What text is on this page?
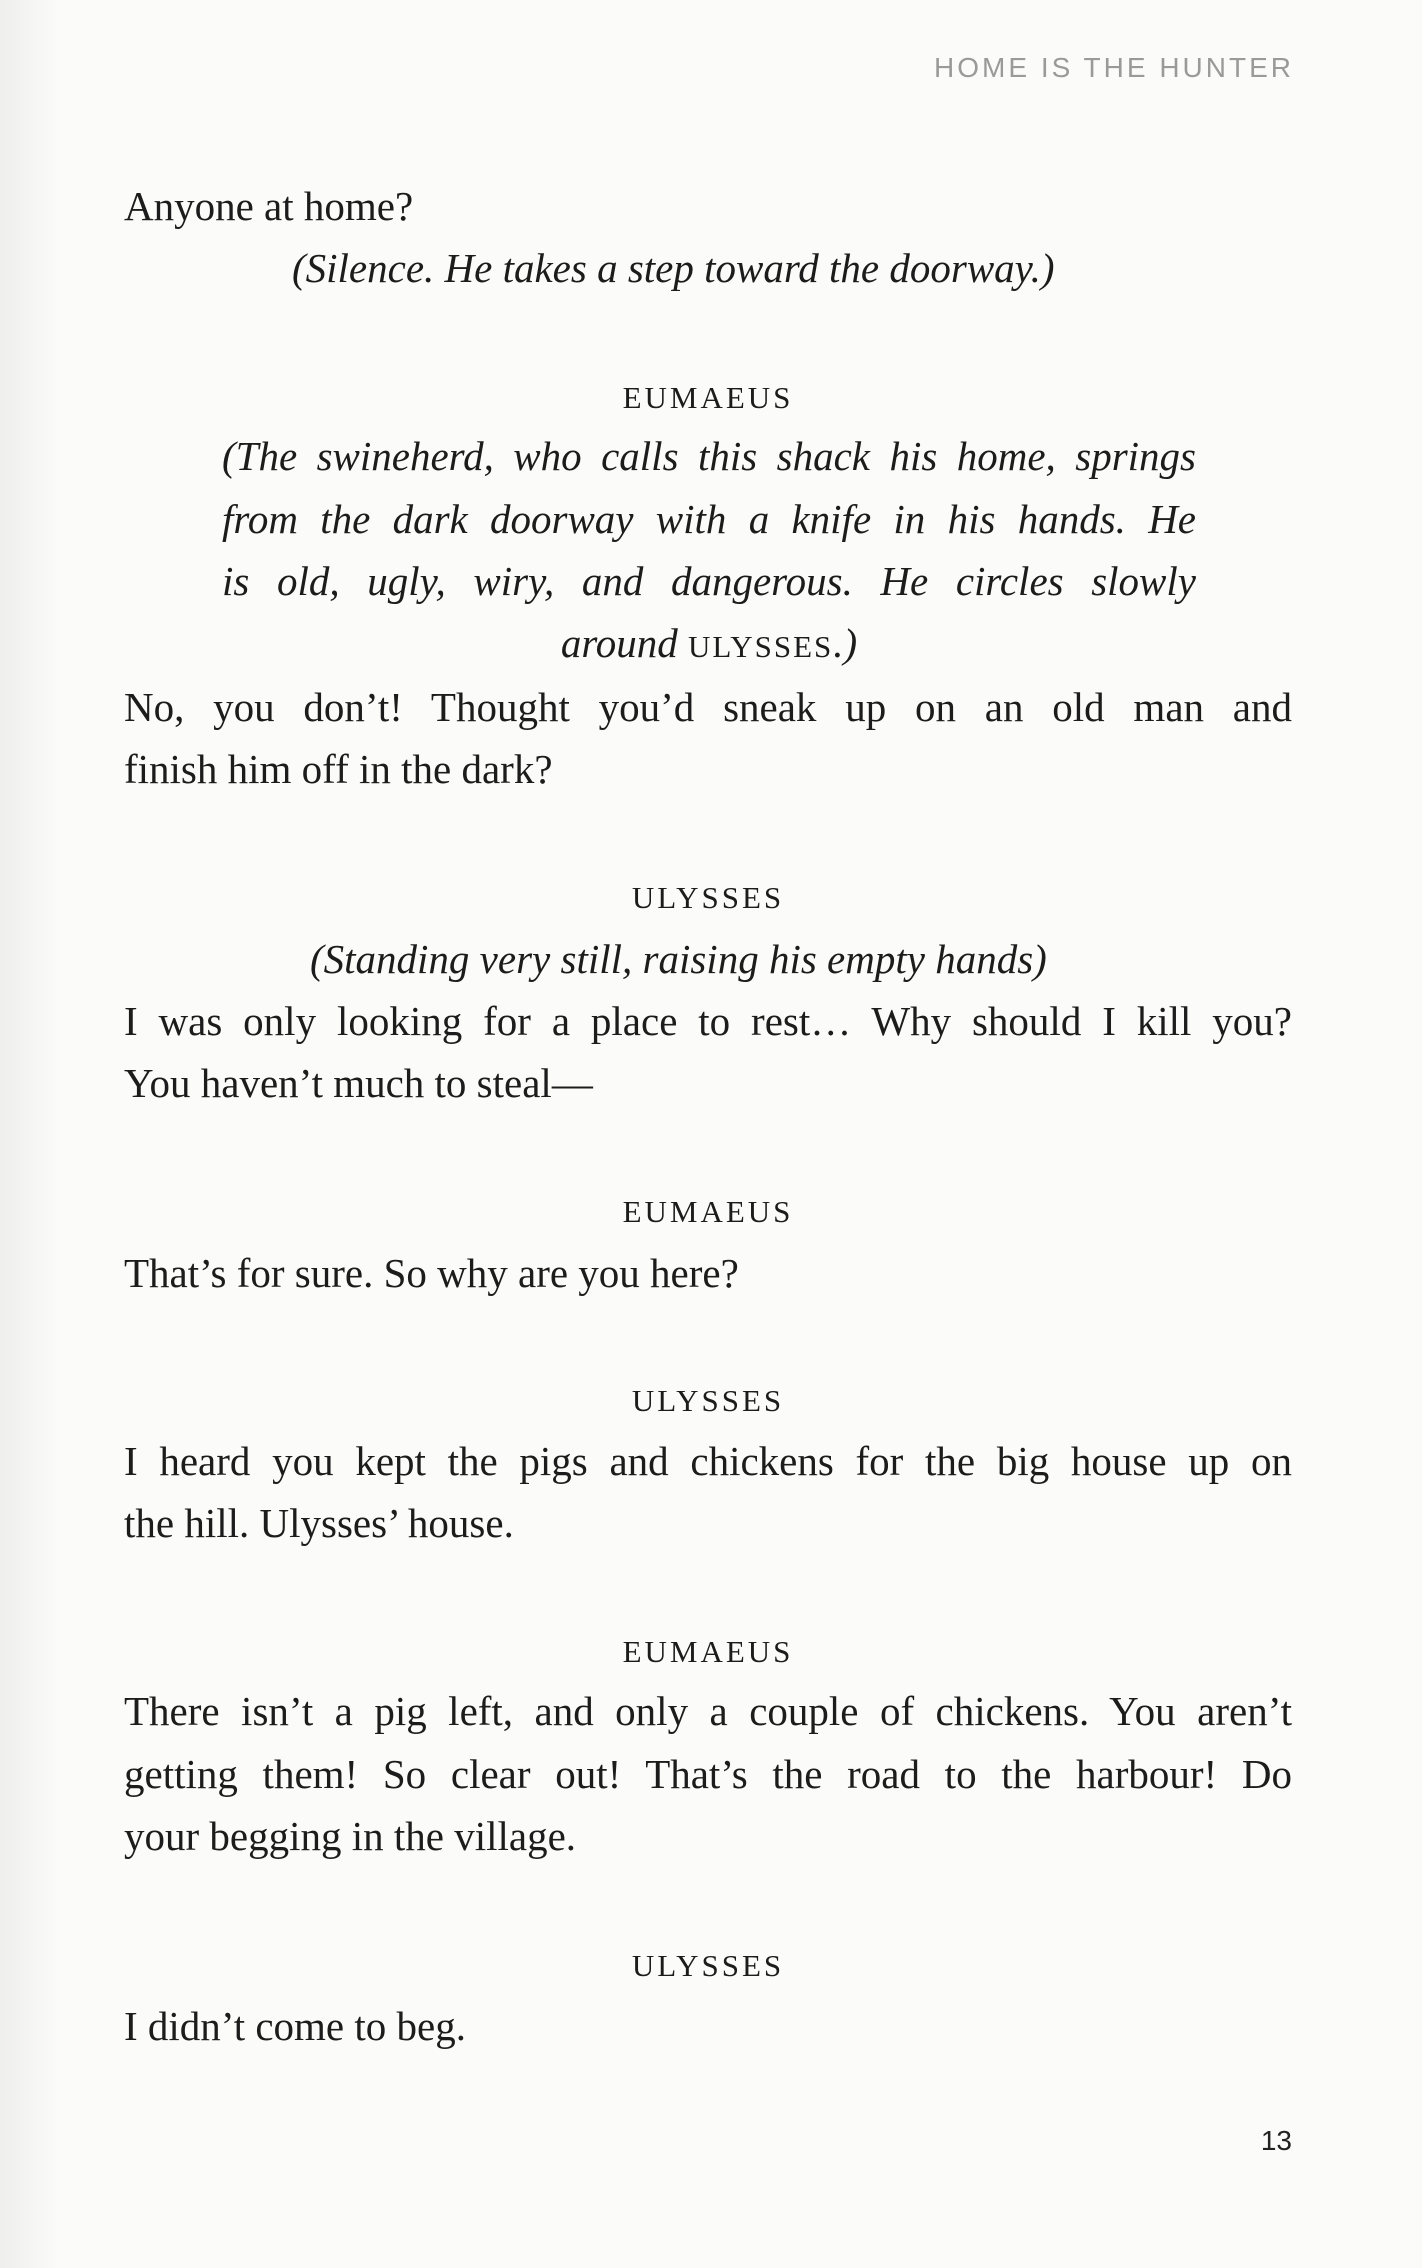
HOME IS THE HUNTER
Anyone at home?
(Silence. He takes a step toward the doorway.)
EUMAEUS
(The swineherd, who calls this shack his home, springs
from the dark doorway with a knife in his hands. He
is old, ugly, wiry, and dangerous. He circles slowly
around ULYSSES.)
No, you don’t! Thought you’d sneak up on an old man and
finish him off in the dark?
ULYSSES
(Standing very still, raising his empty hands)
I was only looking for a place to rest… Why should I kill you?
You haven’t much to steal—
EUMAEUS
That’s for sure. So why are you here?
ULYSSES
I heard you kept the pigs and chickens for the big house up on
the hill. Ulysses’ house.
EUMAEUS
There isn’t a pig left, and only a couple of chickens. You aren’t
getting them! So clear out! That’s the road to the harbour! Do
your begging in the village.
ULYSSES
I didn’t come to beg.
13
